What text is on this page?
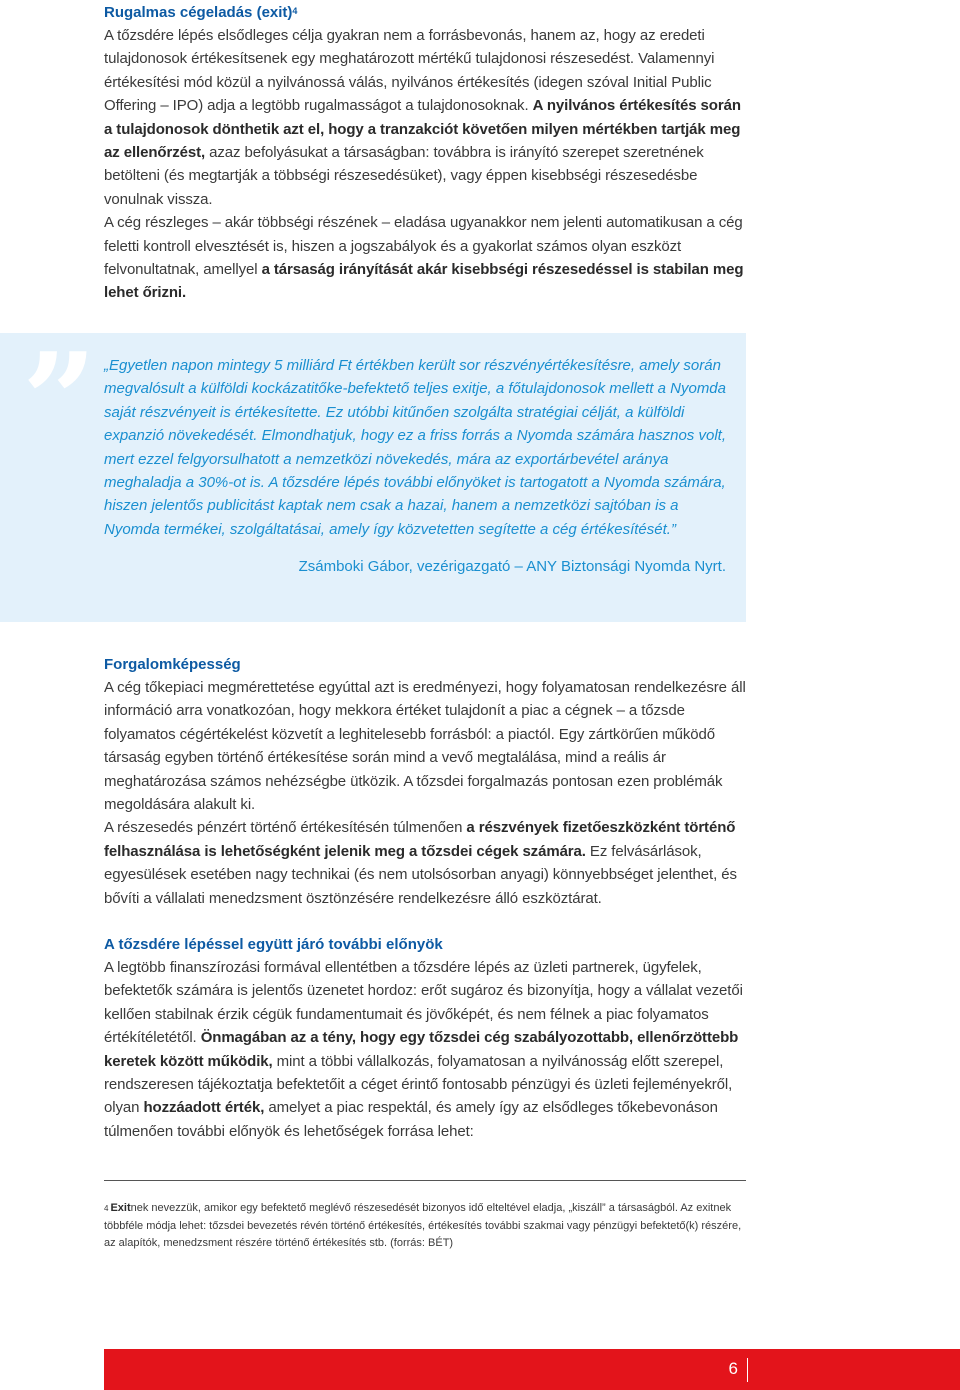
Rugalmas cégeladás (exit)$^4$

A tőzsdére lépés elsődleges célja gyakran nem a forrásbevonás, hanem az, hogy az eredeti tulajdonosok értékesítsenek egy meghatározott mértékű tulajdonosi részesedést. Valamennyi értékesítési mód közül a nyilvánossá válás, nyilvános értékesítés (idegen szóval Initial Public Offering – IPO) adja a legtöbb rugalmasságot a tulajdonosoknak. A nyilvános értékesítés során a tulajdonosok dönthetik azt el, hogy a tranzakciót követően milyen mértékben tartják meg az ellenőrzést, azaz befolyásukat a társaságban: továbbra is irányító szerepet szeretnének betölteni (és megtartják a többségi részesedésüket), vagy éppen kisebbségi részesedésbe vonulnak vissza.

A cég részleges – akár többségi részének – eladása ugyanakkor nem jelenti automatikusan a cég feletti kontroll elvesztését is, hiszen a jogszabályok és a gyakorlat számos olyan eszközt felvonultatnak, amellyel a társaság irányítását akár kisebbségi részesedéssel is stabilan meg lehet őrizni.

” „Egyetlen napon mintegy 5 milliárd Ft értékben került sor részvényértékesítésre, amely során megvalósult a külföldi kockázatitőke-befektető teljes exitje, a főtulajdonosok mellett a Nyomda saját részvényeit is értékesítette. Ez utóbbi kitűnően szolgálta stratégiai célját, a külföldi expanzió növekedését. Elmondhatjuk, hogy ez a friss forrás a Nyomda számára hasznos volt, mert ezzel felgyorsulhatott a nemzetközi növekedés, mára az exportárbevétel aránya meghaladja a 30%-ot is. A tőzsdére lépés további előnyöket is tartogatott a Nyomda számára, hiszen jelentős publicitást kaptak nem csak a hazai, hanem a nemzetközi sajtóban is a Nyomda termékei, szolgáltatásai, amely így közvetetten segítette a cég értékesítését.”

Zsámboki Gábor, vezérigazgató – ANY Biztonsági Nyomda Nyrt.

Forgalomképesség

A cég tőkepiaci megmérettetése egyúttal azt is eredményezi, hogy folyamatosan rendelkezésre áll információ arra vonatkozóan, hogy mekkora értéket tulajdonít a piac a cégnek – a tőzsde folyamatos cégértékelést közvetít a leghitelesebb forrásból: a piactól. Egy zártkörűen működő társaság egyben történő értékesítése során mind a vevő megtalálása, mind a reális ár meghatározása számos nehézségbe ütközik. A tőzsdei forgalmazás pontosan ezen problémák megoldására alakult ki.

A részesedés pénzért történő értékesítésén túlmenően a részvények fizetőeszközként történő felhasználása is lehetőségként jelenik meg a tőzsdei cégek számára. Ez felvásárlások, egyesülések esetében nagy technikai (és nem utolsósorban anyagi) könnyebbséget jelenthet, és bővíti a vállalati menedzsment ösztönzésére rendelkezésre álló eszköztárat.

A tőzsdére lépéssel együtt járó további előnyök

A legtöbb finanszírozási formával ellentétben a tőzsdére lépés az üzleti partnerek, ügyfelek, befektetők számára is jelentős üzenetet hordoz: erőt sugároz és bizonyítja, hogy a vállalat vezetői kellően stabilnak érzik cégük fundamentumait és jövőképét, és nem félnek a piac folyamatos értékítéletétől. Önmagában az a tény, hogy egy tőzsdei cég szabályozottabb, ellenőrzöttebb keretek között működik, mint a többi vállalkozás, folyamatosan a nyilvánosság előtt szerepel, rendszeresen tájékoztatja befektetőit a céget érintő fontosabb pénzügyi és üzleti fejleményekről, olyan hozzáadott érték, amelyet a piac respektál, és amely így az elsődleges tőkebevonáson túlmenően további előnyök és lehetőségek forrása lehet:

$^4$ Exitnek nevezzük, amikor egy befektető meglévő részesedését bizonyos idő elteltével eladja, „kiszáll” a társaságból. Az exitnek többféle módja lehet: tőzsdei bevezetés révén történő értékesítés, értékesítés további szakmai vagy pénzügyi befektető(k) részére, az alapítók, menedzsment részére történő értékesítés stb. (forrás: BÉT)

6
